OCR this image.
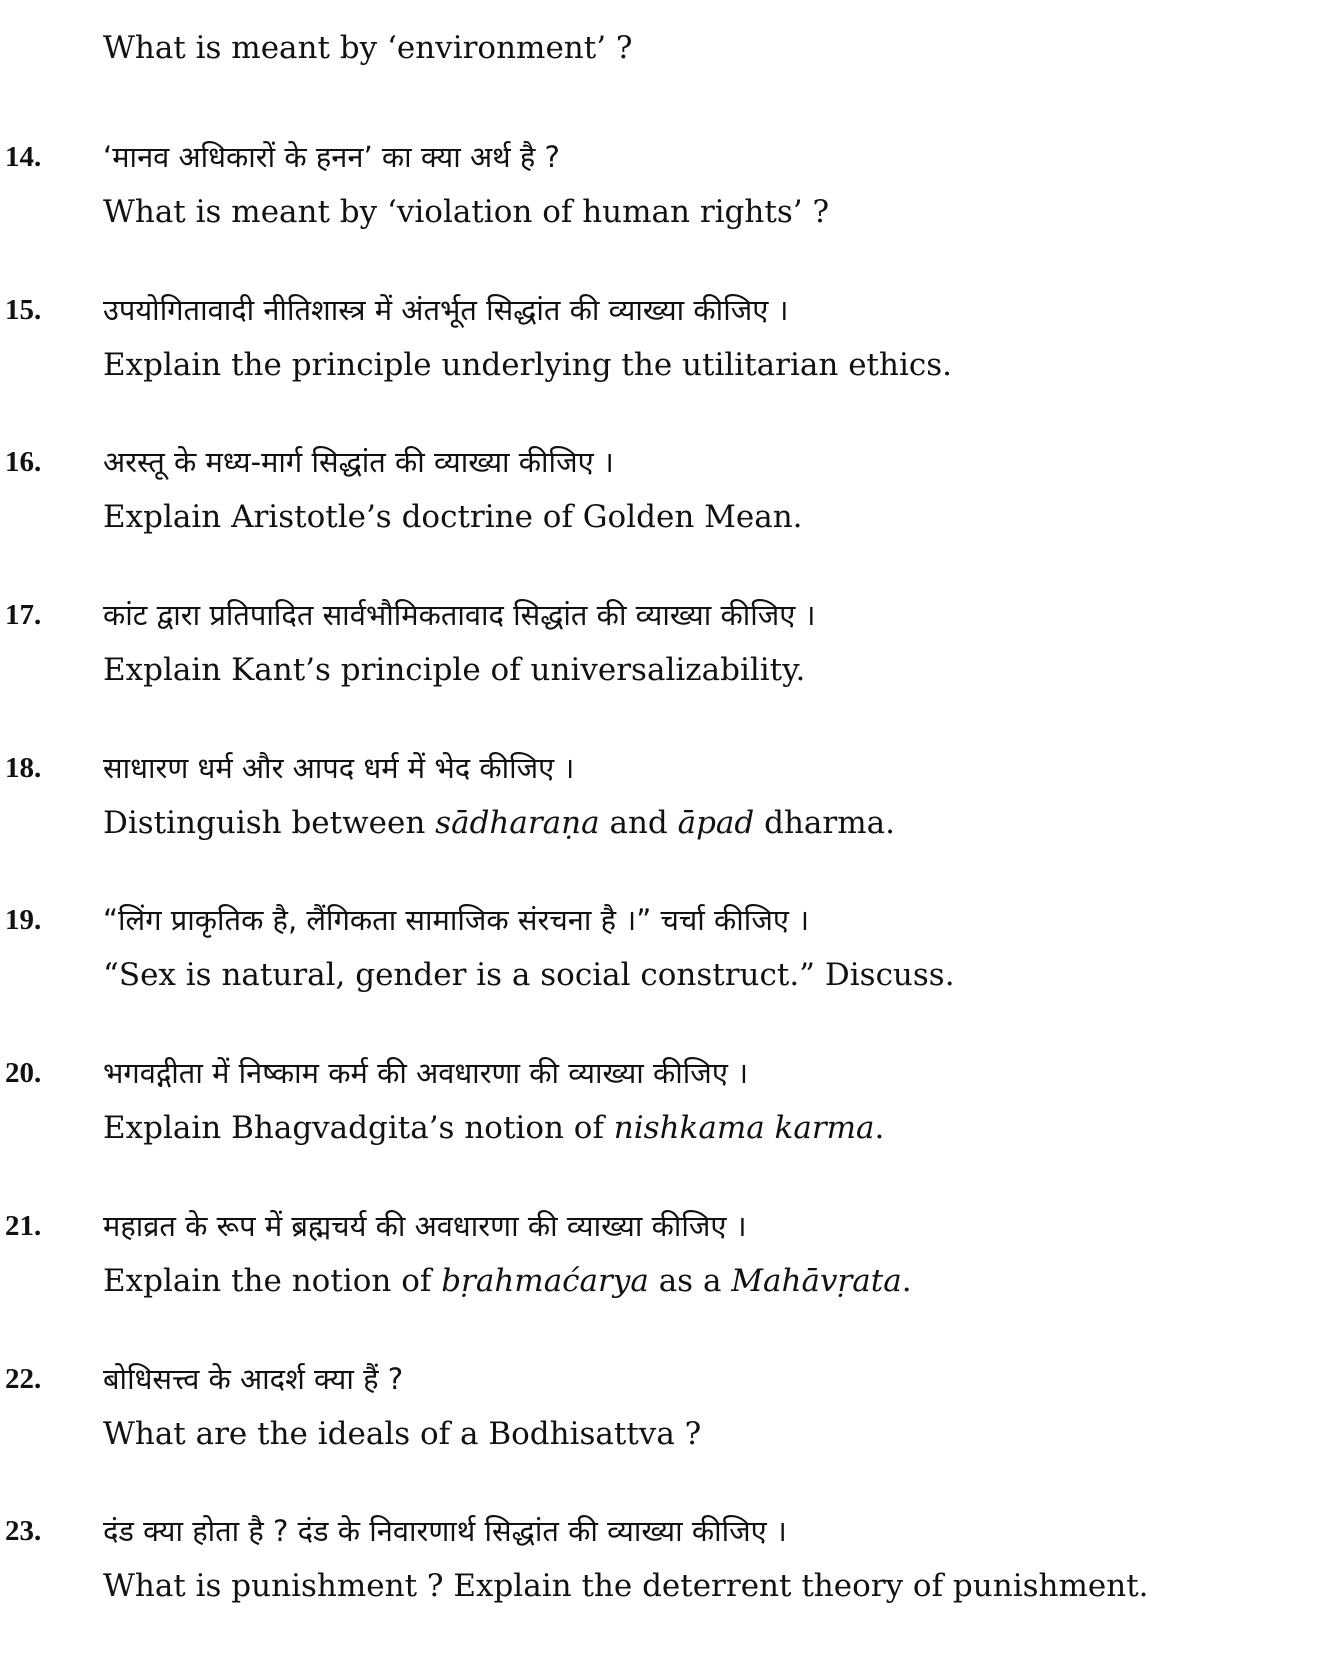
What is meant by ‘environment’ ?
14. ‘मानव अधिकारों के हनन’ का क्या अर्थ है ?
What is meant by ‘violation of human rights’ ?
15. उपयोगितावादी नीतिशास्त्र में अंतर्भूत सिद्धांत की व्याख्या कीजिए ।
Explain the principle underlying the utilitarian ethics.
16. अरस्तू के मध्य-मार्ग सिद्धांत की व्याख्या कीजिए ।
Explain Aristotle’s doctrine of Golden Mean.
17. कांट द्वारा प्रतिपादित सार्वभौमिकतावाद सिद्धांत की व्याख्या कीजिए ।
Explain Kant’s principle of universalizability.
18. साधारण धर्म और आपद धर्म में भेद कीजिए ।
Distinguish between sādharaṇa and āpad dharma.
19. “लिंग प्राकृतिक है, लैंगिकता सामाजिक संरचना है ।” चर्चा कीजिए ।
“Sex is natural, gender is a social construct.” Discuss.
20. भगवद्गीता में निष्काम कर्म की अवधारणा की व्याख्या कीजिए ।
Explain Bhagvadgita’s notion of nishkama karma.
21. महाव्रत के रूप में ब्रह्मचर्य की अवधारणा की व्याख्या कीजिए ।
Explain the notion of bṛahmaćarya as a Mahāvṛata.
22. बोधिसत्त्व के आदर्श क्या हैं ?
What are the ideals of a Bodhisattva ?
23. दंड क्या होता है ? दंड के निवारणार्थ सिद्धांत की व्याख्या कीजिए ।
What is punishment ? Explain the deterrent theory of punishment.
